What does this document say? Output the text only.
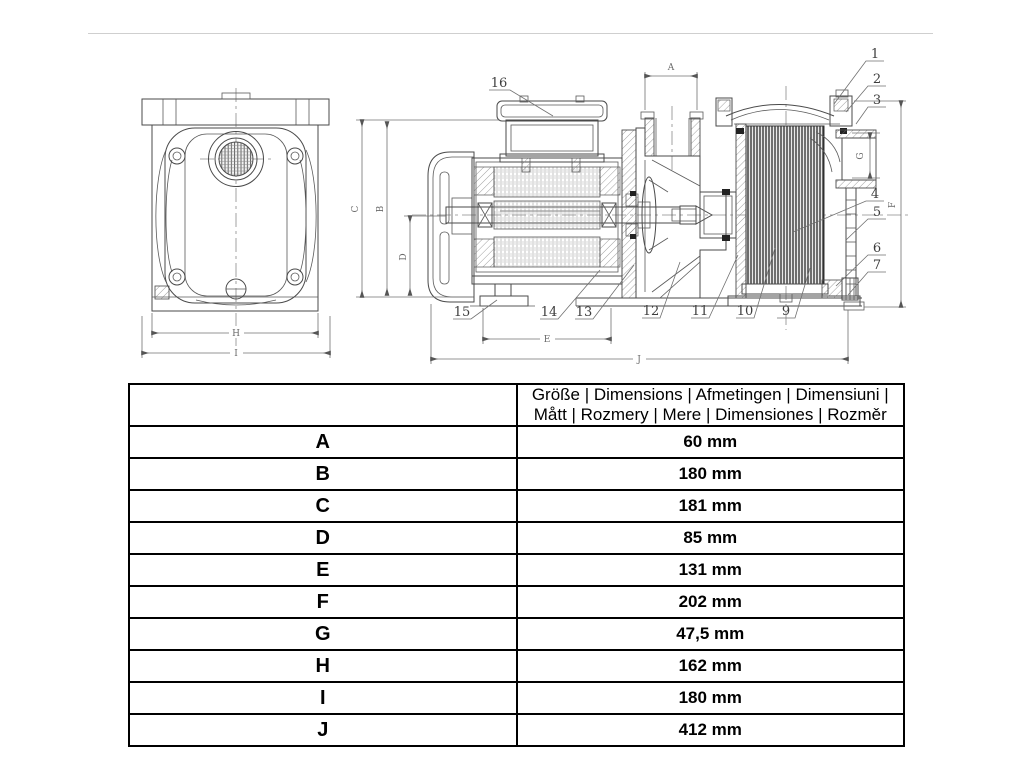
H
I
A
G
F
C B
D
E
J
16
1
2
3
4
5
6
7
9
10
11
12
13
14
15
	Größe | Dimensions | Afmetingen | Dimensiuni | Mått | Rozmery | Mere | Dimensiones | Rozměr
A	60 mm
B	180 mm
C	181 mm
D	85 mm
E	131 mm
F	202 mm
G	47,5 mm
H	162 mm
I	180 mm
J	412 mm
